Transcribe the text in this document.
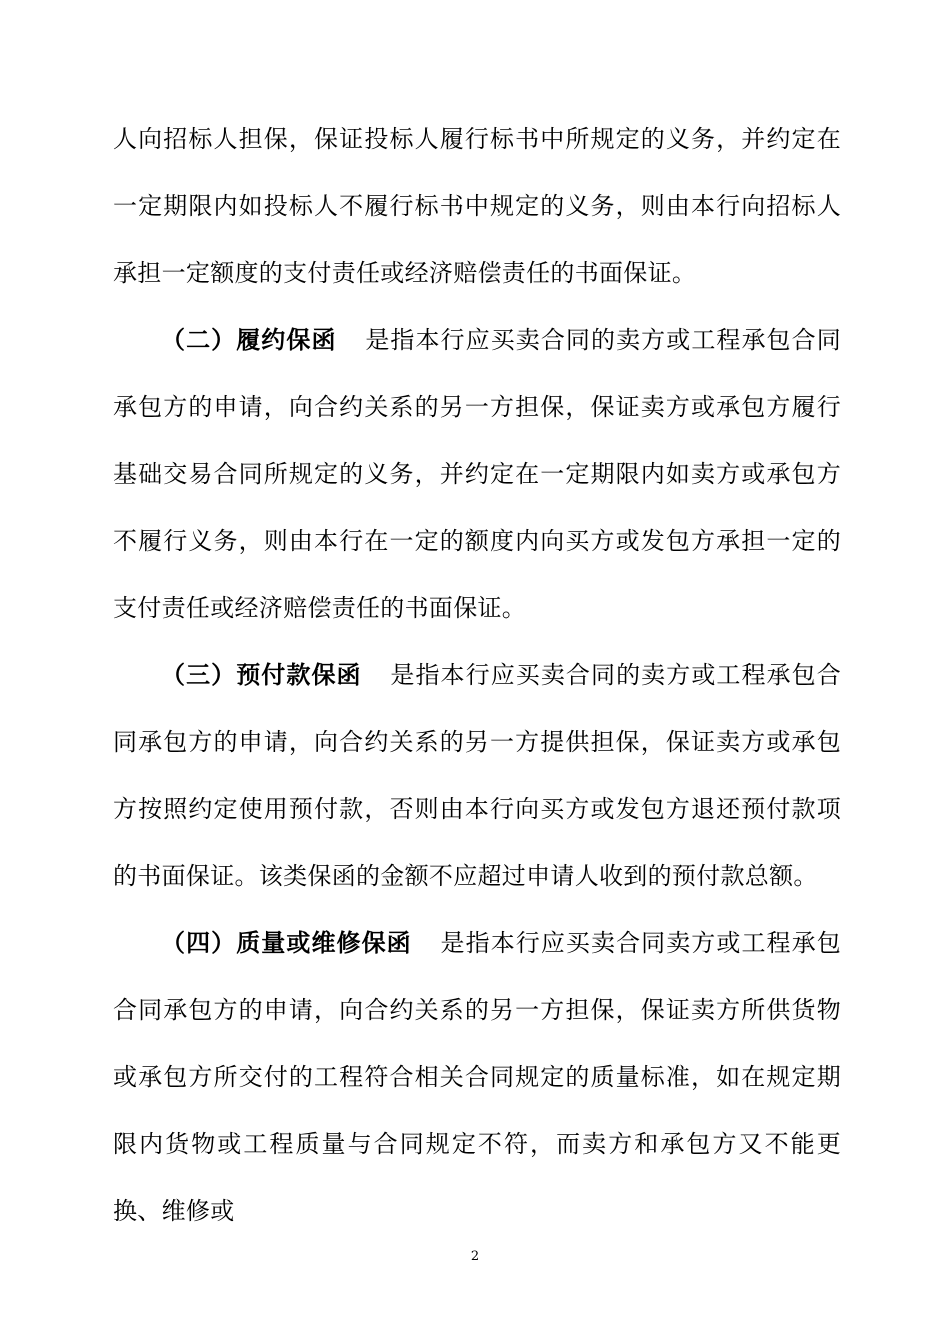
人向招标人担保，保证投标人履行标书中所规定的义务，并约定在一定期限内如投标人不履行标书中规定的义务，则由本行向招标人承担一定额度的支付责任或经济赔偿责任的书面保证。

（二）履约保函 是指本行应买卖合同的卖方或工程承包合同承包方的申请，向合约关系的另一方担保，保证卖方或承包方履行基础交易合同所规定的义务，并约定在一定期限内如卖方或承包方不履行义务，则由本行在一定的额度内向买方或发包方承担一定的支付责任或经济赔偿责任的书面保证。

（三）预付款保函 是指本行应买卖合同的卖方或工程承包合同承包方的申请，向合约关系的另一方提供担保，保证卖方或承包方按照约定使用预付款，否则由本行向买方或发包方退还预付款项的书面保证。该类保函的金额不应超过申请人收到的预付款总额。

（四）质量或维修保函 是指本行应买卖合同卖方或工程承包合同承包方的申请，向合约关系的另一方担保，保证卖方所供货物或承包方所交付的工程符合相关合同规定的质量标准，如在规定期限内货物或工程质量与合同规定不符，而卖方和承包方又不能更换、维修或

2
